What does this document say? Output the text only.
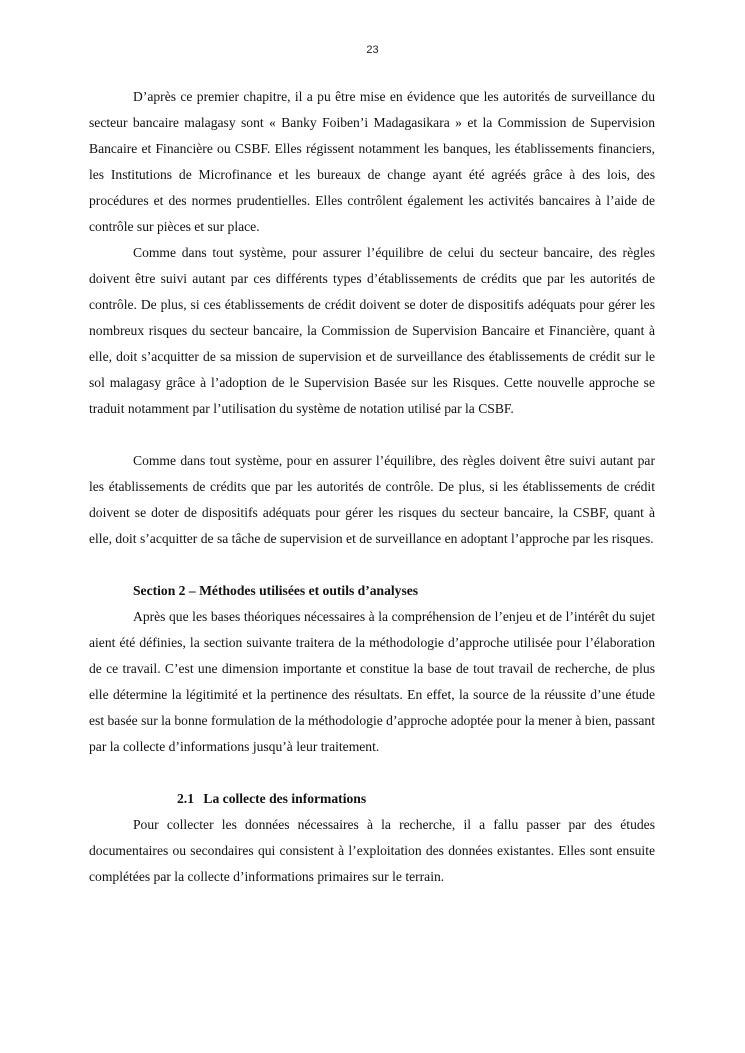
23

D’après ce premier chapitre, il a pu être mise en évidence que les autorités de surveillance du secteur bancaire malagasy sont « Banky Foiben’i Madagasikara » et la Commission de Supervision Bancaire et Financière ou CSBF. Elles régissent notamment les banques, les établissements financiers, les Institutions de Microfinance et les bureaux de change ayant été agréés grâce à des lois, des procédures et des normes prudentielles. Elles contrôlent également les activités bancaires à l’aide de contrôle sur pièces et sur place.

Comme dans tout système, pour assurer l’équilibre de celui du secteur bancaire, des règles doivent être suivi autant par ces différents types d’établissements de crédits que par les autorités de contrôle. De plus, si ces établissements de crédit doivent se doter de dispositifs adéquats pour gérer les nombreux risques du secteur bancaire, la Commission de Supervision Bancaire et Financière, quant à elle, doit s’acquitter de sa mission de supervision et de surveillance des établissements de crédit sur le sol malagasy grâce à l’adoption de le Supervision Basée sur les Risques. Cette nouvelle approche se traduit notamment par l’utilisation du système de notation utilisé par la CSBF.

Comme dans tout système, pour en assurer l’équilibre, des règles doivent être suivi autant par les établissements de crédits que par les autorités de contrôle. De plus, si les établissements de crédit doivent se doter de dispositifs adéquats pour gérer les risques du secteur bancaire, la CSBF, quant à elle, doit s’acquitter de sa tâche de supervision et de surveillance en adoptant l’approche par les risques.

Section 2 – Méthodes utilisées et outils d’analyses

Après que les bases théoriques nécessaires à la compréhension de l’enjeu et de l’intérêt du sujet aient été définies, la section suivante traitera de la méthodologie d’approche utilisée pour l’élaboration de ce travail. C’est une dimension importante et constitue la base de tout travail de recherche, de plus elle détermine la légitimité et la pertinence des résultats. En effet, la source de la réussite d’une étude est basée sur la bonne formulation de la méthodologie d’approche adoptée pour la mener à bien, passant par la collecte d’informations jusqu’à leur traitement.

2.1 La collecte des informations

Pour collecter les données nécessaires à la recherche, il a fallu passer par des études documentaires ou secondaires qui consistent à l’exploitation des données existantes. Elles sont ensuite complétées par la collecte d’informations primaires sur le terrain.
